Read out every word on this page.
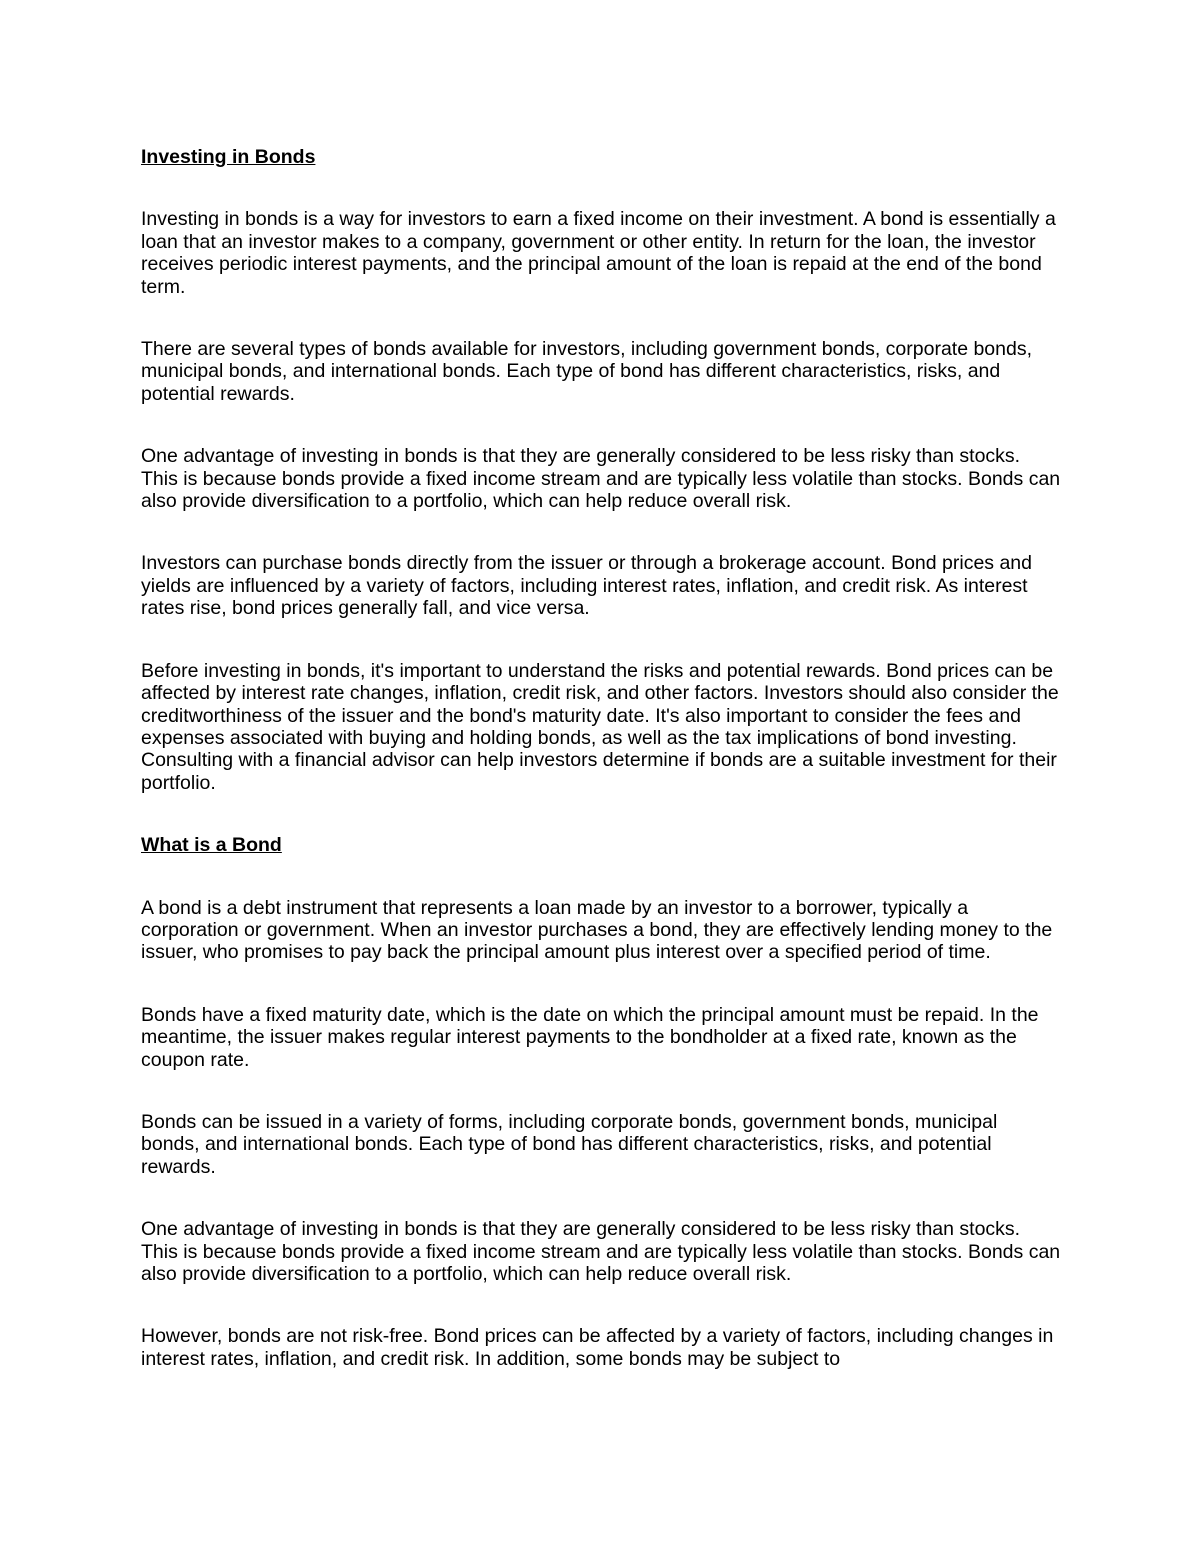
Investing in Bonds

Investing in bonds is a way for investors to earn a fixed income on their investment. A bond is essentially a loan that an investor makes to a company, government or other entity. In return for the loan, the investor receives periodic interest payments, and the principal amount of the loan is repaid at the end of the bond term.

There are several types of bonds available for investors, including government bonds, corporate bonds, municipal bonds, and international bonds. Each type of bond has different characteristics, risks, and potential rewards.

One advantage of investing in bonds is that they are generally considered to be less risky than stocks. This is because bonds provide a fixed income stream and are typically less volatile than stocks. Bonds can also provide diversification to a portfolio, which can help reduce overall risk.

Investors can purchase bonds directly from the issuer or through a brokerage account. Bond prices and yields are influenced by a variety of factors, including interest rates, inflation, and credit risk. As interest rates rise, bond prices generally fall, and vice versa.

Before investing in bonds, it's important to understand the risks and potential rewards. Bond prices can be affected by interest rate changes, inflation, credit risk, and other factors. Investors should also consider the creditworthiness of the issuer and the bond's maturity date. It's also important to consider the fees and expenses associated with buying and holding bonds, as well as the tax implications of bond investing. Consulting with a financial advisor can help investors determine if bonds are a suitable investment for their portfolio.

What is a Bond

A bond is a debt instrument that represents a loan made by an investor to a borrower, typically a corporation or government. When an investor purchases a bond, they are effectively lending money to the issuer, who promises to pay back the principal amount plus interest over a specified period of time.

Bonds have a fixed maturity date, which is the date on which the principal amount must be repaid. In the meantime, the issuer makes regular interest payments to the bondholder at a fixed rate, known as the coupon rate.

Bonds can be issued in a variety of forms, including corporate bonds, government bonds, municipal bonds, and international bonds. Each type of bond has different characteristics, risks, and potential rewards.

One advantage of investing in bonds is that they are generally considered to be less risky than stocks. This is because bonds provide a fixed income stream and are typically less volatile than stocks. Bonds can also provide diversification to a portfolio, which can help reduce overall risk.

However, bonds are not risk-free. Bond prices can be affected by a variety of factors, including changes in interest rates, inflation, and credit risk. In addition, some bonds may be subject to
